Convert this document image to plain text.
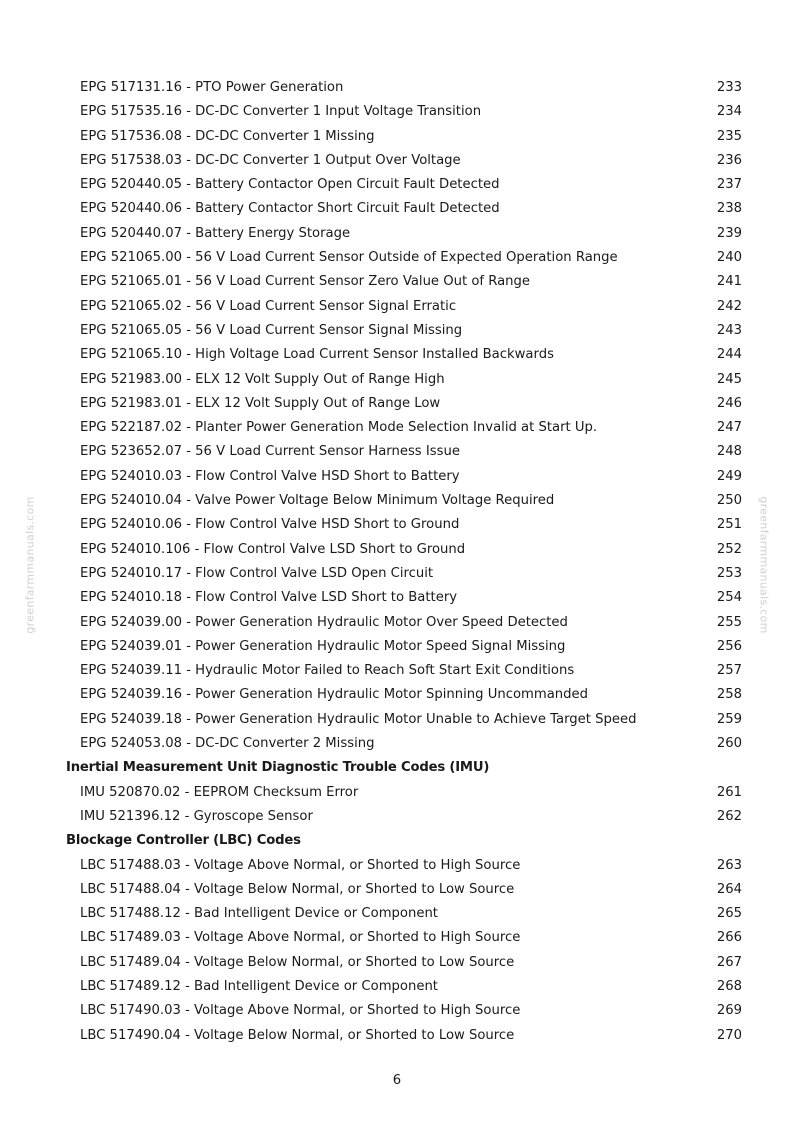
greenfarmmanuals.com	greenfarmmanuals.com
EPG 517131.16 - PTO Power Generation	233
EPG 517535.16 - DC-DC Converter 1 Input Voltage Transition	234
EPG 517536.08 - DC-DC Converter 1 Missing	235
EPG 517538.03 - DC-DC Converter 1 Output Over Voltage	236
EPG 520440.05 - Battery Contactor Open Circuit Fault Detected	237
EPG 520440.06 - Battery Contactor Short Circuit Fault Detected	238
EPG 520440.07 - Battery Energy Storage	239
EPG 521065.00 - 56 V Load Current Sensor Outside of Expected Operation Range	240
EPG 521065.01 - 56 V Load Current Sensor Zero Value Out of Range	241
EPG 521065.02 - 56 V Load Current Sensor Signal Erratic	242
EPG 521065.05 - 56 V Load Current Sensor Signal Missing	243
EPG 521065.10 - High Voltage Load Current Sensor Installed Backwards	244
EPG 521983.00 - ELX 12 Volt Supply Out of Range High	245
EPG 521983.01 - ELX 12 Volt Supply Out of Range Low	246
EPG 522187.02 - Planter Power Generation Mode Selection Invalid at Start Up.	247
EPG 523652.07 - 56 V Load Current Sensor Harness Issue	248
EPG 524010.03 - Flow Control Valve HSD Short to Battery	249
EPG 524010.04 - Valve Power Voltage Below Minimum Voltage Required	250
EPG 524010.06 - Flow Control Valve HSD Short to Ground	251
EPG 524010.106 - Flow Control Valve LSD Short to Ground	252
EPG 524010.17 - Flow Control Valve LSD Open Circuit	253
EPG 524010.18 - Flow Control Valve LSD Short to Battery	254
EPG 524039.00 - Power Generation Hydraulic Motor Over Speed Detected	255
EPG 524039.01 - Power Generation Hydraulic Motor Speed Signal Missing	256
EPG 524039.11 - Hydraulic Motor Failed to Reach Soft Start Exit Conditions	257
EPG 524039.16 - Power Generation Hydraulic Motor Spinning Uncommanded	258
EPG 524039.18 - Power Generation Hydraulic Motor Unable to Achieve Target Speed	259
EPG 524053.08 - DC-DC Converter 2 Missing	260
Inertial Measurement Unit Diagnostic Trouble Codes (IMU)
IMU 520870.02 - EEPROM Checksum Error	261
IMU 521396.12 - Gyroscope Sensor	262
Blockage Controller (LBC) Codes
LBC 517488.03 - Voltage Above Normal, or Shorted to High Source	263
LBC 517488.04 - Voltage Below Normal, or Shorted to Low Source	264
LBC 517488.12 - Bad Intelligent Device or Component	265
LBC 517489.03 - Voltage Above Normal, or Shorted to High Source	266
LBC 517489.04 - Voltage Below Normal, or Shorted to Low Source	267
LBC 517489.12 - Bad Intelligent Device or Component	268
LBC 517490.03 - Voltage Above Normal, or Shorted to High Source	269
LBC 517490.04 - Voltage Below Normal, or Shorted to Low Source	270
6
